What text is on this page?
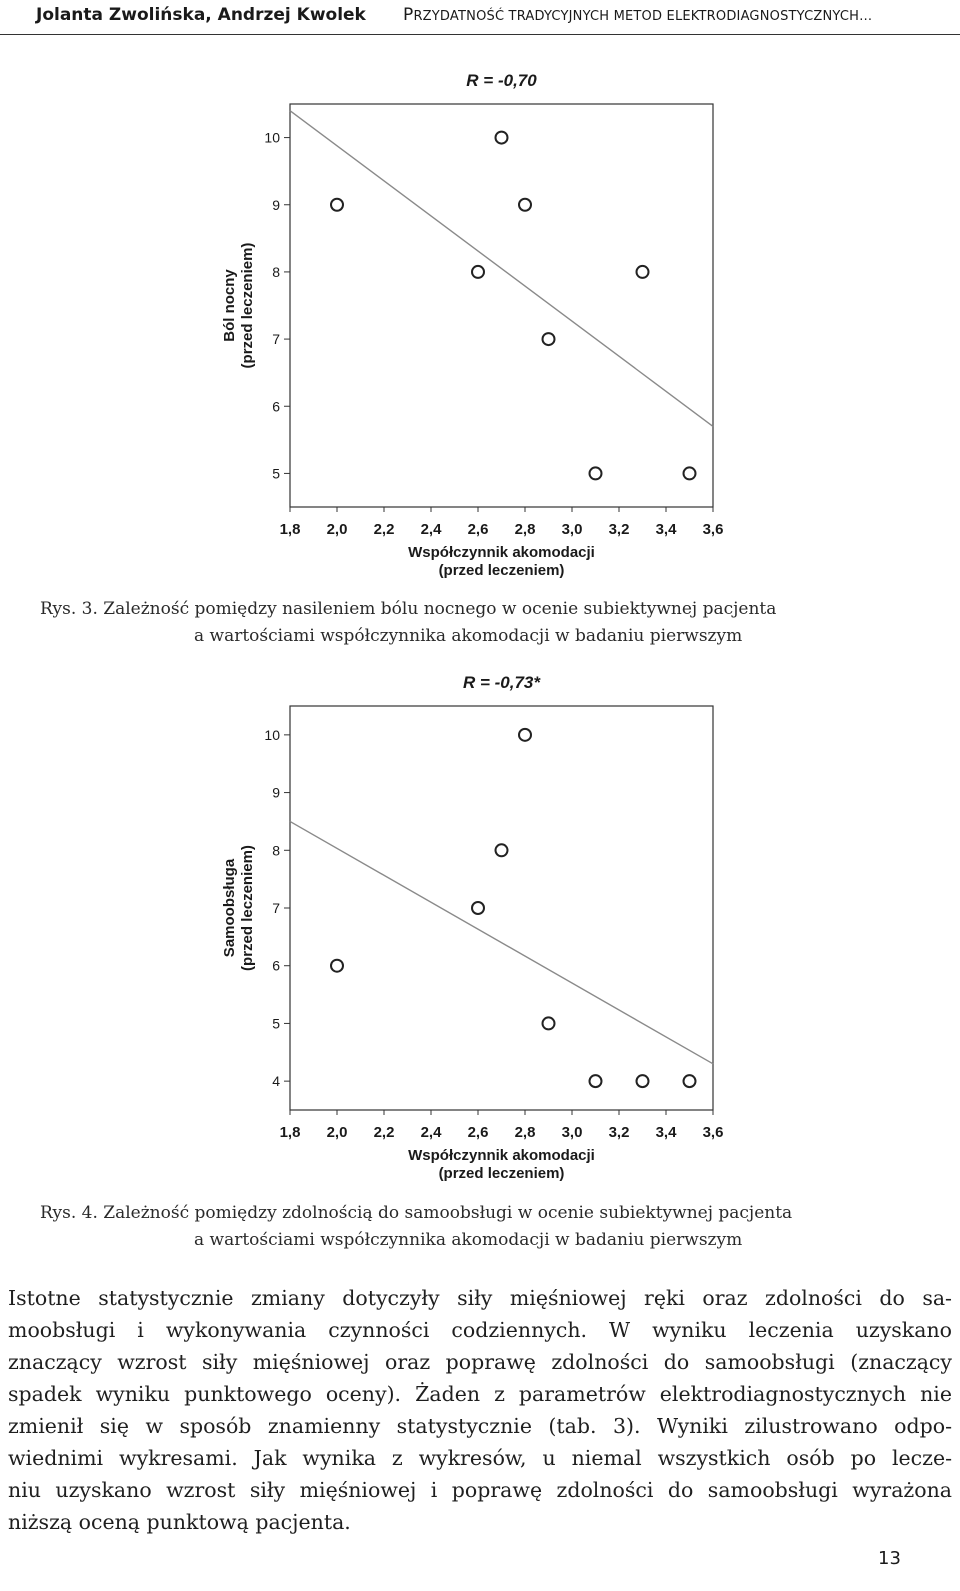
Jolanta Zwolińska, Andrzej Kwolek PRZYDATNOŚĆ TRADYCYJNYCH METOD ELEKTRODIAGNOSTYCZNYCH…
R = -0,70
5
6
7
8
9
10
1,8 2,0 2,2 2,4 2,6 2,8 3,0 3,2 3,4 3,6
Współczynnik akomodacji
(przed leczeniem)
Ból nocny (przed leczeniem)
Rys. 3. Zależność pomiędzy nasileniem bólu nocnego w ocenie subiektywnej pacjenta
a wartościami współczynnika akomodacji w badaniu pierwszym
R = -0,73*
4
5
6
7
8
9
10
1,8 2,0 2,2 2,4 2,6 2,8 3,0 3,2 3,4 3,6
Współczynnik akomodacji
(przed leczeniem)
Samoobsługa (przed leczeniem)
Rys. 4. Zależność pomiędzy zdolnością do samoobsługi w ocenie subiektywnej pacjenta
a wartościami współczynnika akomodacji w badaniu pierwszym
Istotne statystycznie zmiany dotyczyły siły mięśniowej ręki oraz zdolności do sa-
moobsługi i wykonywania czynności codziennych. W wyniku leczenia uzyskano
znaczący wzrost siły mięśniowej oraz poprawę zdolności do samoobsługi (znaczący
spadek wyniku punktowego oceny). Żaden z parametrów elektrodiagnostycznych nie
zmienił się w sposób znamienny statystycznie (tab. 3). Wyniki zilustrowano odpo-
wiednimi wykresami. Jak wynika z wykresów, u niemal wszystkich osób po lecze-
niu uzyskano wzrost siły mięśniowej i poprawę zdolności do samoobsługi wyrażona
niższą oceną punktową pacjenta.
13
